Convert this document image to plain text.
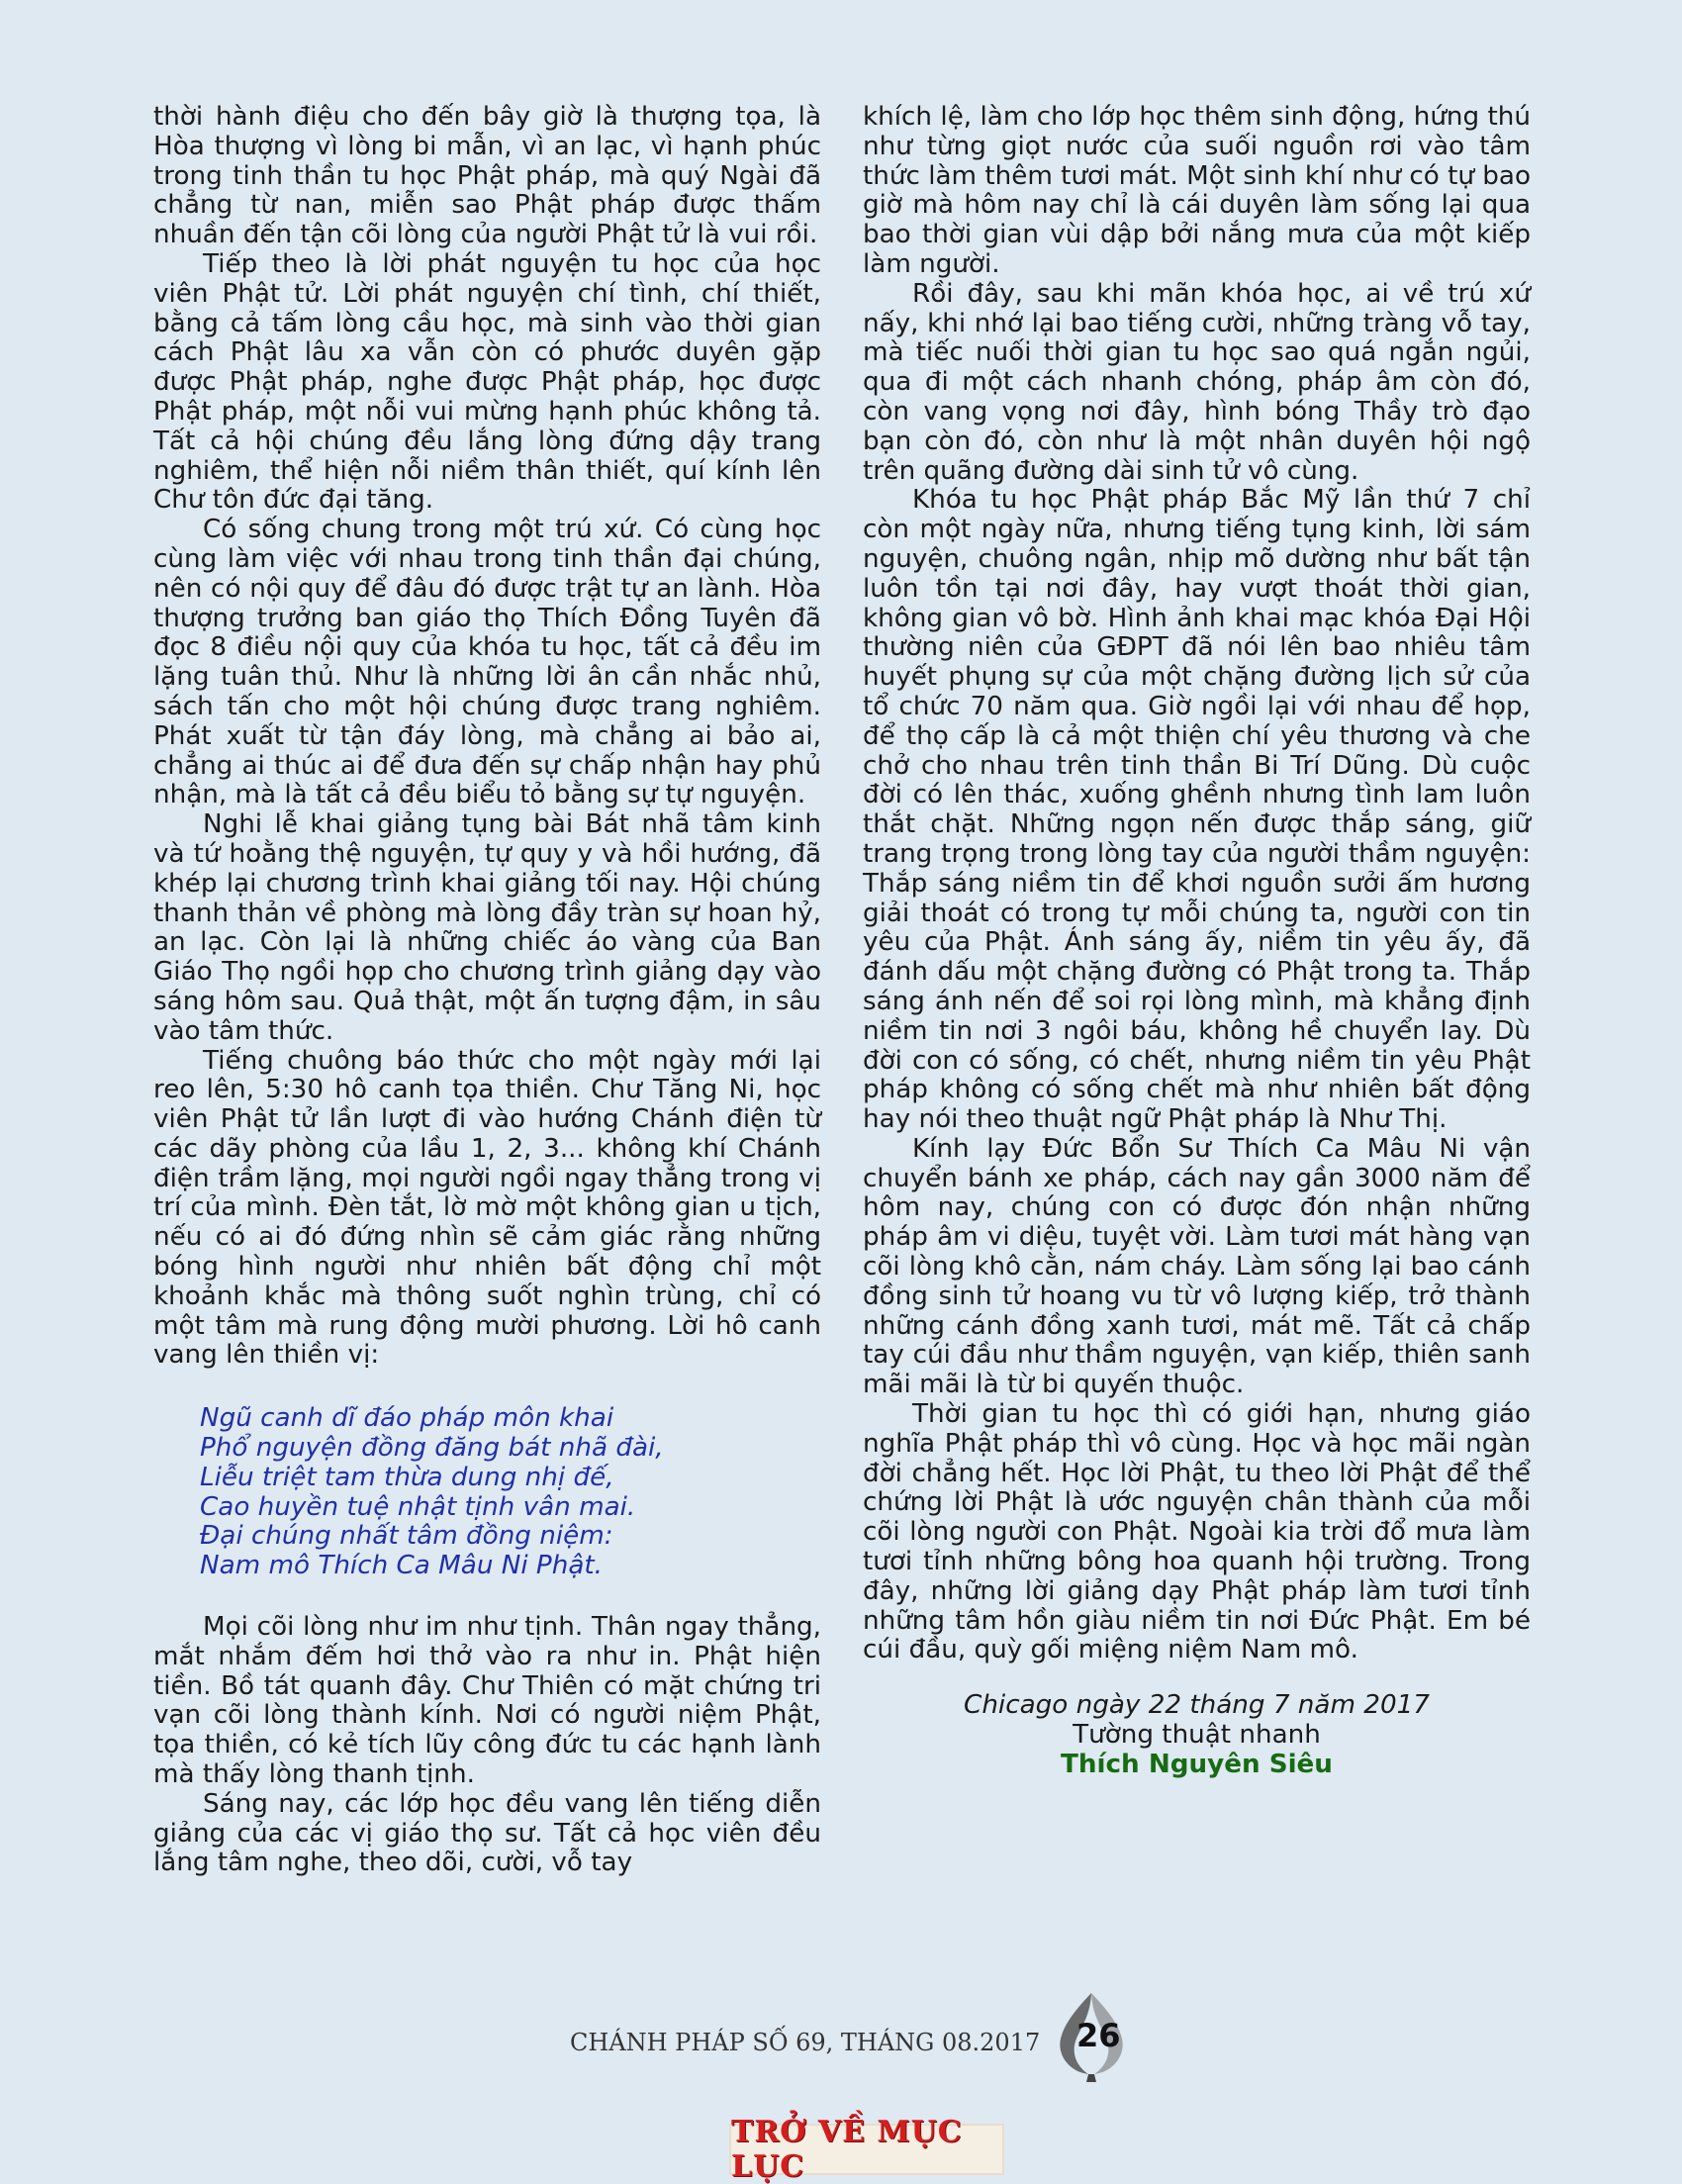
thời hành điệu cho đến bây giờ là thượng tọa, là Hòa thượng vì lòng bi mẫn, vì an lạc, vì hạnh phúc trong tinh thần tu học Phật pháp, mà quý Ngài đã chẳng từ nan, miễn sao Phật pháp được thấm nhuần đến tận cõi lòng của người Phật tử là vui rồi.

Tiếp theo là lời phát nguyện tu học của học viên Phật tử. Lời phát nguyện chí tình, chí thiết, bằng cả tấm lòng cầu học, mà sinh vào thời gian cách Phật lâu xa vẫn còn có phước duyên gặp được Phật pháp, nghe được Phật pháp, học được Phật pháp, một nỗi vui mừng hạnh phúc không tả. Tất cả hội chúng đều lắng lòng đứng dậy trang nghiêm, thể hiện nỗi niềm thân thiết, quí kính lên Chư tôn đức đại tăng.

Có sống chung trong một trú xứ. Có cùng học cùng làm việc với nhau trong tinh thần đại chúng, nên có nội quy để đâu đó được trật tự an lành. Hòa thượng trưởng ban giáo thọ Thích Đồng Tuyên đã đọc 8 điều nội quy của khóa tu học, tất cả đều im lặng tuân thủ. Như là những lời ân cần nhắc nhủ, sách tấn cho một hội chúng được trang nghiêm. Phát xuất từ tận đáy lòng, mà chẳng ai bảo ai, chẳng ai thúc ai để đưa đến sự chấp nhận hay phủ nhận, mà là tất cả đều biểu tỏ bằng sự tự nguyện.

Nghi lễ khai giảng tụng bài Bát nhã tâm kinh và tứ hoằng thệ nguyện, tự quy y và hồi hướng, đã khép lại chương trình khai giảng tối nay. Hội chúng thanh thản về phòng mà lòng đầy tràn sự hoan hỷ, an lạc. Còn lại là những chiếc áo vàng của Ban Giáo Thọ ngồi họp cho chương trình giảng dạy vào sáng hôm sau. Quả thật, một ấn tượng đậm, in sâu vào tâm thức.

Tiếng chuông báo thức cho một ngày mới lại reo lên, 5:30 hô canh tọa thiền. Chư Tăng Ni, học viên Phật tử lần lượt đi vào hướng Chánh điện từ các dãy phòng của lầu 1, 2, 3... không khí Chánh điện trầm lặng, mọi người ngồi ngay thẳng trong vị trí của mình. Đèn tắt, lờ mờ một không gian u tịch, nếu có ai đó đứng nhìn sẽ cảm giác rằng những bóng hình người như nhiên bất động chỉ một khoảnh khắc mà thông suốt nghìn trùng, chỉ có một tâm mà rung động mười phương. Lời hô canh vang lên thiền vị:

Ngũ canh dĩ đáo pháp môn khai
Phổ nguyện đồng đăng bát nhã đài,
Liễu triệt tam thừa dung nhị đế,
Cao huyền tuệ nhật tịnh vân mai.
Đại chúng nhất tâm đồng niệm:
Nam mô Thích Ca Mâu Ni Phật.

Mọi cõi lòng như im như tịnh. Thân ngay thẳng, mắt nhắm đếm hơi thở vào ra như in. Phật hiện tiền. Bồ tát quanh đây. Chư Thiên có mặt chứng tri vạn cõi lòng thành kính. Nơi có người niệm Phật, tọa thiền, có kẻ tích lũy công đức tu các hạnh lành mà thấy lòng thanh tịnh.

Sáng nay, các lớp học đều vang lên tiếng diễn giảng của các vị giáo thọ sư. Tất cả học viên đều lắng tâm nghe, theo dõi, cười, vỗ tay

khích lệ, làm cho lớp học thêm sinh động, hứng thú như từng giọt nước của suối nguồn rơi vào tâm thức làm thêm tươi mát. Một sinh khí như có tự bao giờ mà hôm nay chỉ là cái duyên làm sống lại qua bao thời gian vùi dập bởi nắng mưa của một kiếp làm người.

Rồi đây, sau khi mãn khóa học, ai về trú xứ nấy, khi nhớ lại bao tiếng cười, những tràng vỗ tay, mà tiếc nuối thời gian tu học sao quá ngắn ngủi, qua đi một cách nhanh chóng, pháp âm còn đó, còn vang vọng nơi đây, hình bóng Thầy trò đạo bạn còn đó, còn như là một nhân duyên hội ngộ trên quãng đường dài sinh tử vô cùng.

Khóa tu học Phật pháp Bắc Mỹ lần thứ 7 chỉ còn một ngày nữa, nhưng tiếng tụng kinh, lời sám nguyện, chuông ngân, nhịp mõ dường như bất tận luôn tồn tại nơi đây, hay vượt thoát thời gian, không gian vô bờ. Hình ảnh khai mạc khóa Đại Hội thường niên của GĐPT đã nói lên bao nhiêu tâm huyết phụng sự của một chặng đường lịch sử của tổ chức 70 năm qua. Giờ ngồi lại với nhau để họp, để thọ cấp là cả một thiện chí yêu thương và che chở cho nhau trên tinh thần Bi Trí Dũng. Dù cuộc đời có lên thác, xuống ghềnh nhưng tình lam luôn thắt chặt. Những ngọn nến được thắp sáng, giữ trang trọng trong lòng tay của người thầm nguyện: Thắp sáng niềm tin để khơi nguồn sưởi ấm hương giải thoát có trong tự mỗi chúng ta, người con tin yêu của Phật. Ánh sáng ấy, niềm tin yêu ấy, đã đánh dấu một chặng đường có Phật trong ta. Thắp sáng ánh nến để soi rọi lòng mình, mà khẳng định niềm tin nơi 3 ngôi báu, không hề chuyển lay. Dù đời con có sống, có chết, nhưng niềm tin yêu Phật pháp không có sống chết mà như nhiên bất động hay nói theo thuật ngữ Phật pháp là Như Thị.

Kính lạy Đức Bổn Sư Thích Ca Mâu Ni vận chuyển bánh xe pháp, cách nay gần 3000 năm để hôm nay, chúng con có được đón nhận những pháp âm vi diệu, tuyệt vời. Làm tươi mát hàng vạn cõi lòng khô cằn, nám cháy. Làm sống lại bao cánh đồng sinh tử hoang vu từ vô lượng kiếp, trở thành những cánh đồng xanh tươi, mát mẽ. Tất cả chấp tay cúi đầu như thầm nguyện, vạn kiếp, thiên sanh mãi mãi là từ bi quyến thuộc.

Thời gian tu học thì có giới hạn, nhưng giáo nghĩa Phật pháp thì vô cùng. Học và học mãi ngàn đời chẳng hết. Học lời Phật, tu theo lời Phật để thể chứng lời Phật là ước nguyện chân thành của mỗi cõi lòng người con Phật. Ngoài kia trời đổ mưa làm tươi tỉnh những bông hoa quanh hội trường. Trong đây, những lời giảng dạy Phật pháp làm tươi tỉnh những tâm hồn giàu niềm tin nơi Đức Phật. Em bé cúi đầu, quỳ gối miệng niệm Nam mô.

Chicago ngày 22 tháng 7 năm 2017
Tường thuật nhanh
Thích Nguyên Siêu
CHÁNH PHÁP SỐ 69, THÁNG 08.2017 26
TRỞ VỀ MỤC LỤC
